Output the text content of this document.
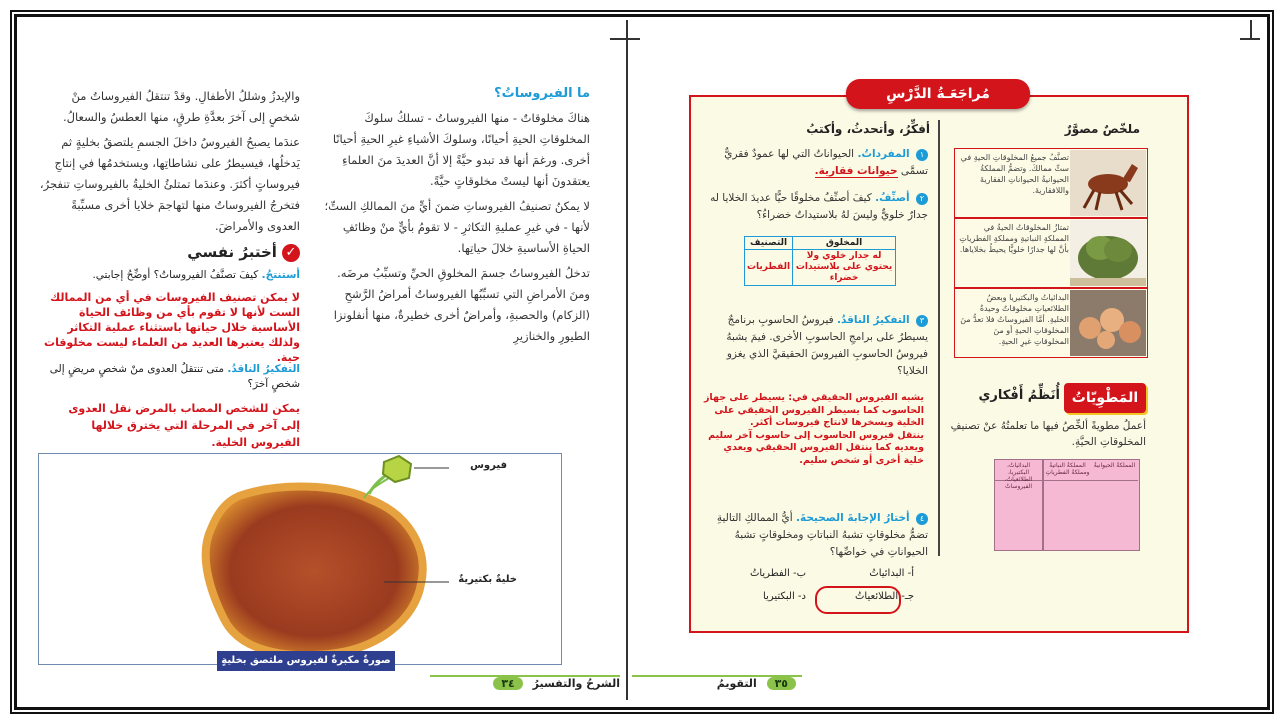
ما الفيروساتُ؟

هناكَ مخلوقاتٌ - منها الفيروساتُ - تسلكُ سلوكَ المخلوقاتِ الحيةِ أحيانًا، وسلوكَ الأشياءِ غيرِ الحيةِ أحيانًا أخرى. ورغمَ أنها قد تبدو حيَّةً إلا أنَّ العديدَ منَ العلماءِ يعتقدونَ أنها ليستْ مخلوقاتٍ حيَّةً.

لا يمكنُ تصنيفُ الفيروساتِ ضمنَ أيٍّ منَ الممالكِ الستِّ؛ لأنها - في غيرِ عمليةِ التكاثرِ - لا تقومُ بأيٍّ منْ وظائفِ الحياةِ الأساسيةِ خلالَ حياتِها.

تدخلُ الفيروساتُ جسمَ المخلوقِ الحيِّ وتسبِّبُ مرضَه. ومنَ الأمراضِ التي تسبِّبُها الفيروساتُ أمراضُ الرَّشحِ (الزكام) والحصبةِ، وأمراضٌ أخرى خطيرةٌ، منها أنفلونزا الطيورِ والخنازيرِ

والإيدزُ وشللُ الأطفالِ. وقدْ تنتقلُ الفيروساتُ منْ شخصٍ إلى آخرَ بعدَّةِ طرقٍ، منها العطسُ والسعالُ.

عندَما يصبحُ الفيروسُ داخلَ الجسمِ يلتصقُ بخليةٍ ثم يَدخلُها، فيسيطرُ على نشاطاتِها، ويستخدمُها في إنتاجِ فيروساتٍ أكثرَ. وعندَما تمتلئُ الخليةُ بالفيروساتِ تنفجرُ، فتخرجُ الفيروساتُ منها لتهاجمَ خلايا أخرى مسبِّبةً العدوى والأمراضَ.

✓ أختبرُ نفسي
أستنتجُ. كيفَ تصنَّفُ الفيروساتُ؟ أوضِّحُ إجابتي.
لا يمكن تصنيف الفيروسات في أي من الممالك الست لأنها لا تقوم بأي من وظائف الحياة الأساسية خلال حياتها باستثناء عملية التكاثر ولذلك يعتبرها العديد من العلماء ليست مخلوقات حية.
التفكيرُ الناقدُ. متى تنتقلُ العدوى منْ شخصٍ مريضٍ إلى شخصٍ آخرَ؟
يمكن للشخص المصاب بالمرض نقل العدوى إلى آخر في المرحلة التي يخترق خلالها الفيروس الخلية.
فيروس
خليةٌ بكتيريةٌ
صورةٌ مكبرةٌ لفيروس ملتصق بخليةٍ بكتيريةٍ	الشرحُ والتفسيرُ ٣٤
مُراجَعَـةُ الدَّرْسِ
ملخّصٌ مصوَّرٌ
تصنَّفُ جميعُ المخلوقاتِ الحيةِ في ستِّ ممالكَ. وتضمُّ المملكةُ الحيوانيةُ الحيواناتِ الفقاريةَ واللافقاريةَ.
تمتازُ المخلوقاتُ الحيةُ في المملكةِ النباتيةِ ومملكةِ الفطرياتِ بأنَّ لها جدارًا خلويًّا يحيطُ بخلاياها.
البدائياتُ والبكتيريا وبعضُ الطلائعياتِ مخلوقاتٌ وحيدةُ الخليةِ. أمَّا الفيروساتُ فلا تعدُّ منَ المخلوقاتِ الحيةِ أو منَ المخلوقاتِ غيرِ الحيةِ.
أفكِّرُ، وأتحدثُ، وأكتبُ
١ المفرداتُ. الحيواناتُ التي لها عمودٌ فقريٌّ تسمَّى حيوانات فقارية.
٢ أصنِّفُ. كيفَ أصنِّفُ مخلوقًا حيًّا عديدَ الخلايا له جدارٌ خلويٌّ وليسَ لهُ بلاستيداتٌ خضراءُ؟
المخلوق	التصنيف
له جدار خلوي ولا يحتوي على بلاستيدات خضراء	الفطريات
٣ التفكيرُ الناقدُ. فيروسُ الحاسوبِ برنامجٌ يسيطرُ على برامجِ الحاسوبِ الأخرى. فيمَ يشبهُ فيروسُ الحاسوبِ الفيروسَ الحقيقيَّ الذي يغزو الخلايا؟
يشبه الفيروس الحقيقي في: يسيطر على جهاز الحاسوب كما يسيطر الفيروس الحقيقي على الخلية ويسخرها لانتاج فيروسات أكثر.
ينتقل فيروس الحاسوب إلى حاسوب آخر سليم ويعديه كما ينتقل الفيروس الحقيقي ويعدي خلية أخرى أو شخص سليم.
٤ أختارُ الإجابةَ الصحيحةَ. أيُّ الممالكِ التاليةِ تضمُّ مخلوقاتٍ تشبهُ النباتاتِ ومخلوقاتٍ تشبهُ الحيواناتِ في خواصِّها؟
أ- البدائياتُ
ب- الفطرياتُ
جـ- الطلائعياتُ
د- البكتيريا
المَطْوِيّاتُ
أُنَظِّمُ أَفْكاري
أعملُ مطويةً ألخِّصُ فيها ما تعلمتُهُ عنْ تصنيفِ المخلوقاتِ الحيَّةِ.
المملكةُ الحيوانيةُ
المملكةُ النباتيةُ ومملكةُ الفطرياتِ
البدائياتُ، البكتيريا، الطلائعياتُ، الفيروساتُ
٣٥ التقويمُ
